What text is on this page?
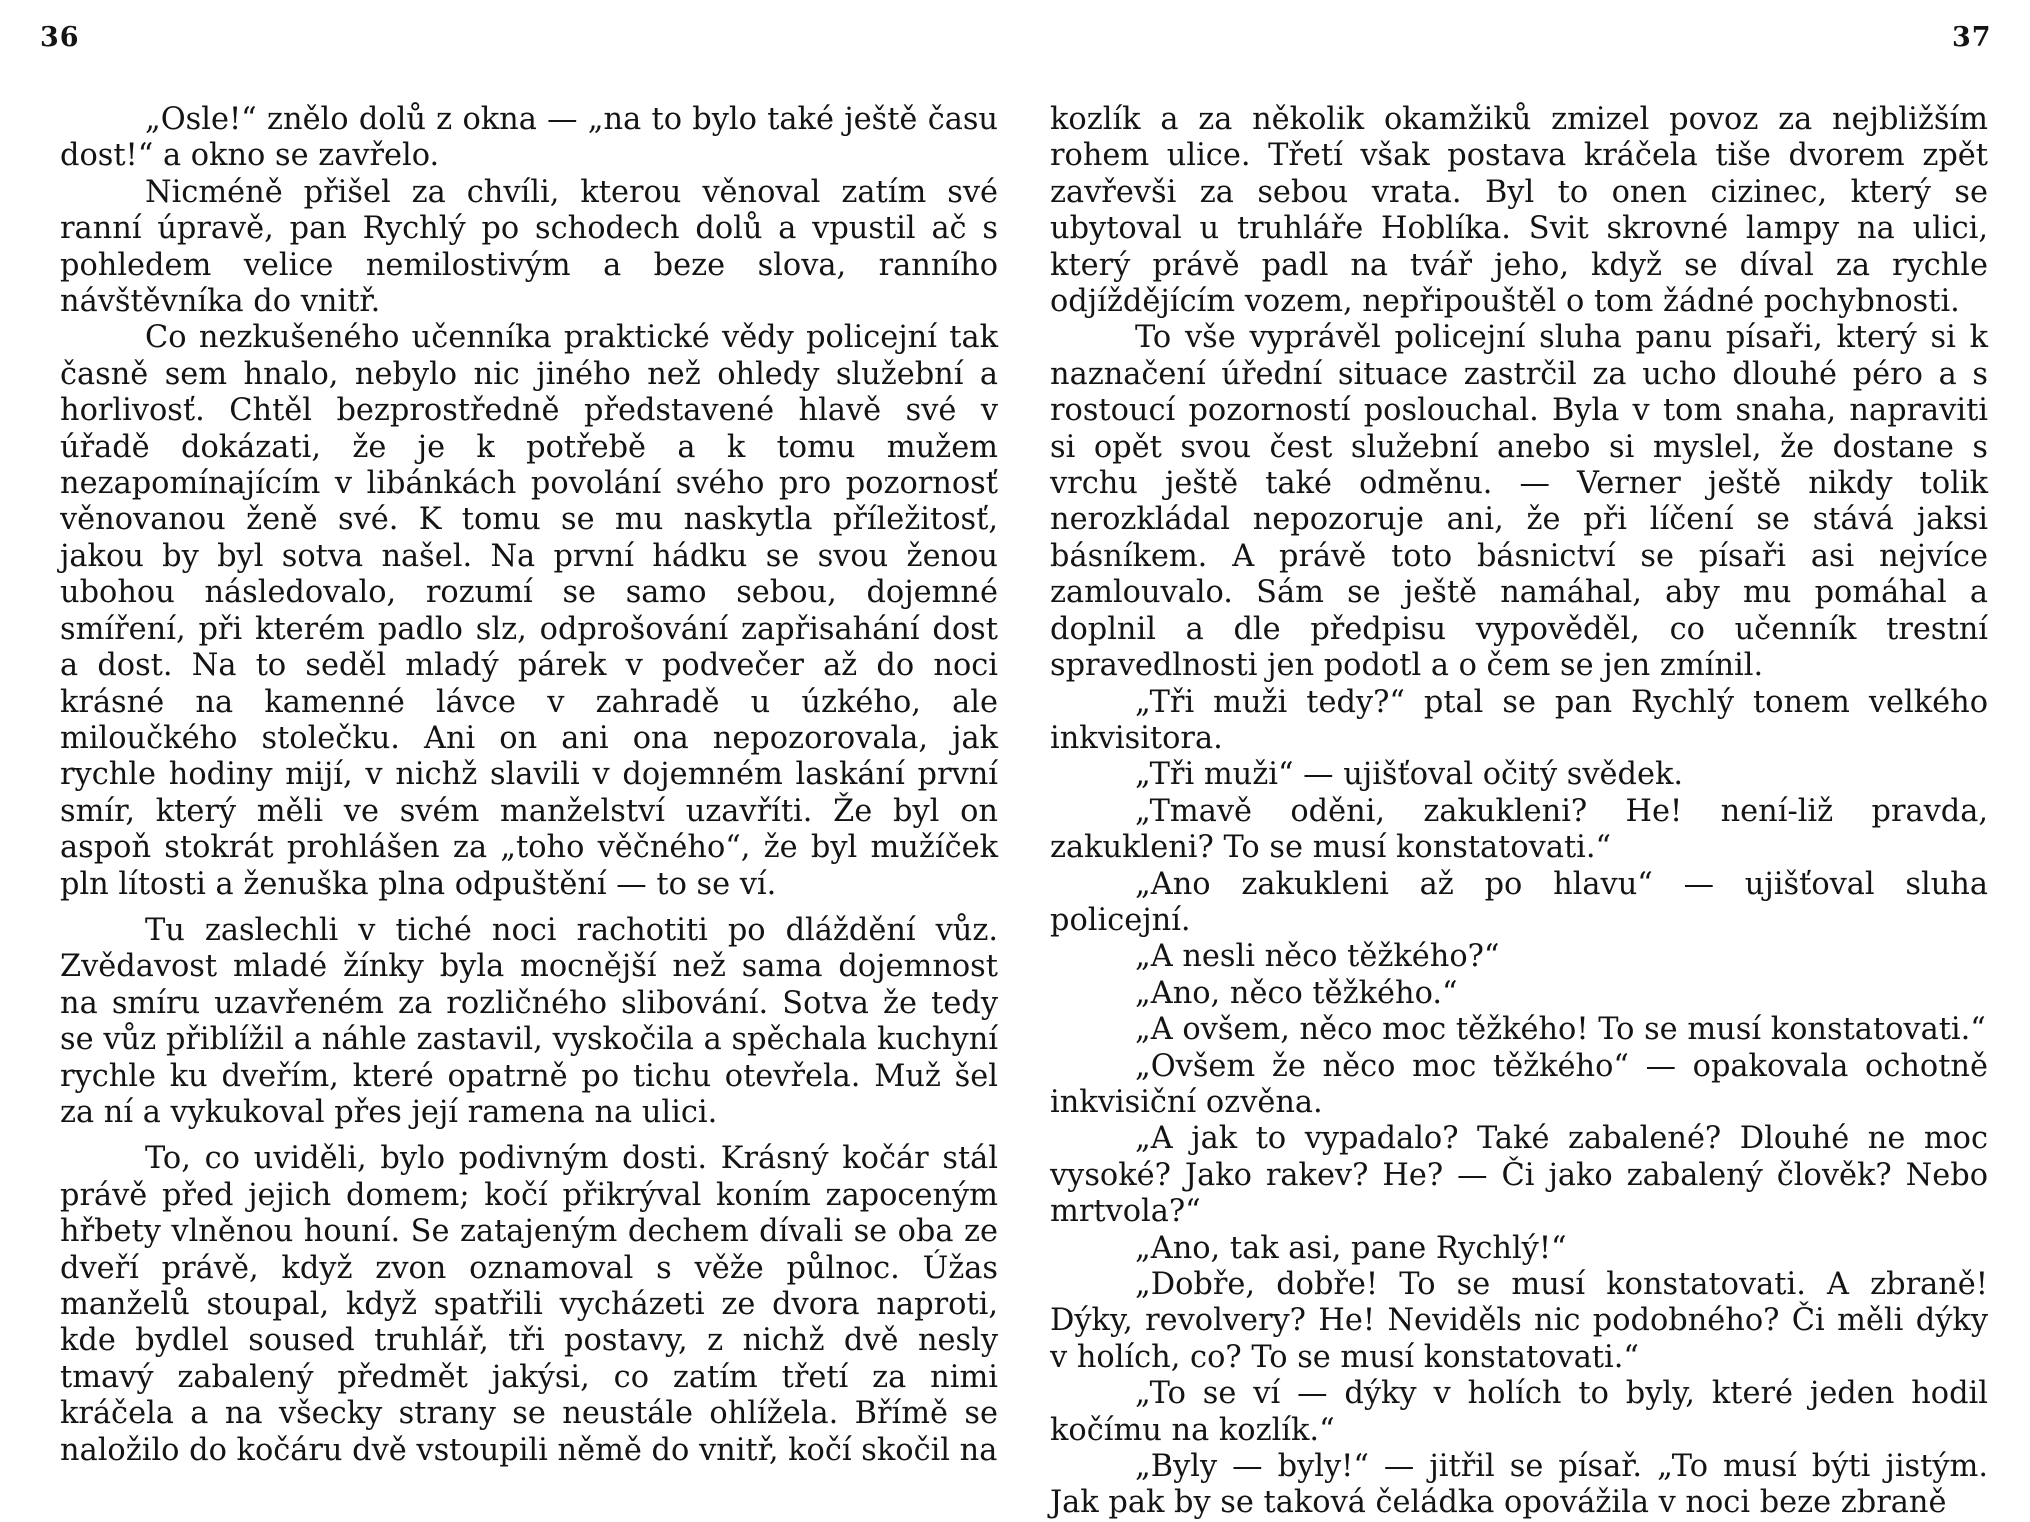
36	37

„Osle!“ znělo dolů z okna — „na to bylo také ještě času dost!“ a okno se zavřelo.

Nicméně přišel za chvíli, kterou věnoval zatím své ranní úpravě, pan Rychlý po schodech dolů a vpustil ač s pohledem velice nemilostivým a beze slova, ranního návštěvníka do vnitř.

Co nezkušeného učenníka praktické vědy policejní tak časně sem hnalo, nebylo nic jiného než ohledy služební a horlivosť. Chtěl bezprostředně představené hlavě své v úřadě dokázati, že je k potřebě a k tomu mužem nezapomínajícím v libánkách povolání svého pro pozornosť věnovanou ženě své. K tomu se mu naskytla příležitosť, jakou by byl sotva našel. Na první hádku se svou ženou ubohou následovalo, rozumí se samo sebou, dojemné smíření, při kterém padlo slz, odprošování zapřisahání dost a dost. Na to seděl mladý párek v podvečer až do noci krásné na kamenné lávce v zahradě u úzkého, ale miloučkého stolečku. Ani on ani ona nepozorovala, jak rychle hodiny mijí, v nichž slavili v dojemném laskání první smír, který měli ve svém manželství uzavříti. Že byl on aspoň stokrát prohlášen za „toho věčného“, že byl mužíček pln lítosti a ženuška plna odpuštění — to se ví.

Tu zaslechli v tiché noci rachotiti po dláždění vůz. Zvědavost mladé žínky byla mocnější než sama dojemnost na smíru uzavřeném za rozličného slibování. Sotva že tedy se vůz přiblížil a náhle zastavil, vyskočila a spěchala kuchyní rychle ku dveřím, které opatrně po tichu otevřela. Muž šel za ní a vykukoval přes její ramena na ulici.

To, co uviděli, bylo podivným dosti. Krásný kočár stál právě před jejich domem; kočí přikrýval koním zapoceným hřbety vlněnou houní. Se zatajeným dechem dívali se oba ze dveří právě, když zvon oznamoval s věže půlnoc. Úžas manželů stoupal, když spatřili vycházeti ze dvora naproti, kde bydlel soused truhlář, tři postavy, z nichž dvě nesly tmavý zabalený předmět jakýsi, co zatím třetí za nimi kráčela a na všecky strany se neustále ohlížela. Břímě se naložilo do kočáru dvě vstoupili němě do vnitř, kočí skočil na

kozlík a za několik okamžiků zmizel povoz za nejbližším rohem ulice. Třetí však postava kráčela tiše dvorem zpět zavřevši za sebou vrata. Byl to onen cizinec, který se ubytoval u truhláře Hoblíka. Svit skrovné lampy na ulici, který právě padl na tvář jeho, když se díval za rychle odjíždějícím vozem, nepřipouštěl o tom žádné pochybnosti.

To vše vyprávěl policejní sluha panu písaři, který si k naznačení úřední situace zastrčil za ucho dlouhé péro a s rostoucí pozorností poslouchal. Byla v tom snaha, napraviti si opět svou čest služební anebo si myslel, že dostane s vrchu ještě také odměnu. — Verner ještě nikdy tolik nerozkládal nepozoruje ani, že při líčení se stává jaksi básníkem. A právě toto básnictví se písaři asi nejvíce zamlouvalo. Sám se ještě namáhal, aby mu pomáhal a doplnil a dle předpisu vypověděl, co učenník trestní spravedlnosti jen podotl a o čem se jen zmínil.

„Tři muži tedy?“ ptal se pan Rychlý tonem velkého inkvisitora.

„Tři muži“ — ujišťoval očitý svědek.

„Tmavě oděni, zakukleni? He! není-liž pravda, zakukleni? To se musí konstatovati.“

„Ano zakukleni až po hlavu“ — ujišťoval sluha policejní.

„A nesli něco těžkého?“

„Ano, něco těžkého.“

„A ovšem, něco moc těžkého! To se musí konstatovati.“

„Ovšem že něco moc těžkého“ — opakovala ochotně inkvisiční ozvěna.

„A jak to vypadalo? Také zabalené? Dlouhé ne moc vysoké? Jako rakev? He? — Či jako zabalený člověk? Nebo mrtvola?“

„Ano, tak asi, pane Rychlý!“

„Dobře, dobře! To se musí konstatovati. A zbraně! Dýky, revolvery? He! Neviděls nic podobného? Či měli dýky v holích, co? To se musí konstatovati.“

„To se ví — dýky v holích to byly, které jeden hodil kočímu na kozlík.“

„Byly — byly!“ — jitřil se písař. „To musí býti jistým. Jak pak by se taková čeládka opovážila v noci beze zbraně
